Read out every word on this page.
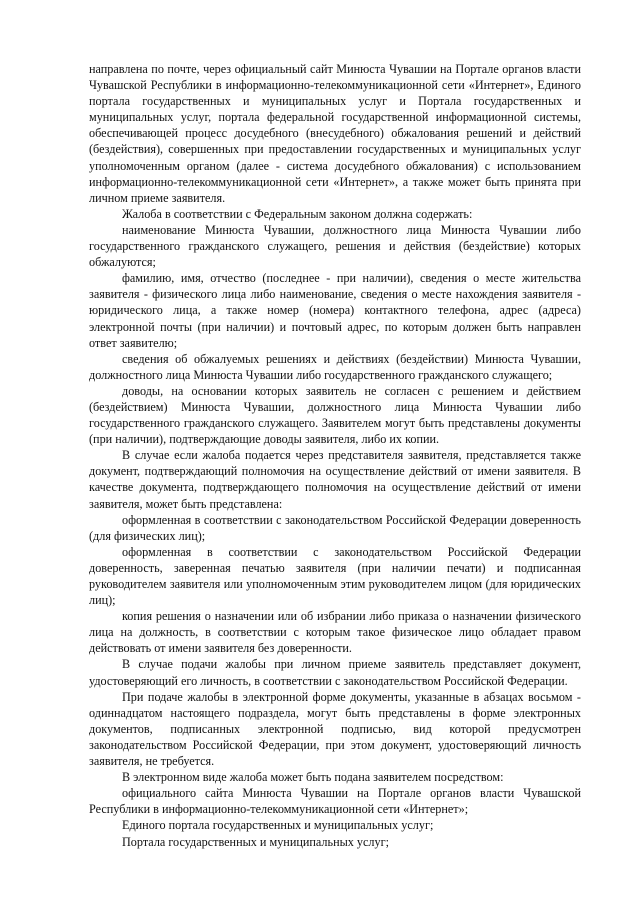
направлена по почте, через официальный сайт Минюста Чувашии на Портале органов власти Чувашской Республики в информационно-телекоммуникационной сети «Интернет», Единого портала государственных и муниципальных услуг и Портала государственных и муниципальных услуг, портала федеральной государственной информационной системы, обеспечивающей процесс досудебного (внесудебного) обжалования решений и действий (бездействия), совершенных при предоставлении государственных и муниципальных услуг уполномоченным органом (далее - система досудебного обжалования) с использованием информационно-телекоммуникационной сети «Интернет», а также может быть принята при личном приеме заявителя.

Жалоба в соответствии с Федеральным законом должна содержать:

наименование Минюста Чувашии, должностного лица Минюста Чувашии либо государственного гражданского служащего, решения и действия (бездействие) которых обжалуются;

фамилию, имя, отчество (последнее - при наличии), сведения о месте жительства заявителя - физического лица либо наименование, сведения о месте нахождения заявителя - юридического лица, а также номер (номера) контактного телефона, адрес (адреса) электронной почты (при наличии) и почтовый адрес, по которым должен быть направлен ответ заявителю;

сведения об обжалуемых решениях и действиях (бездействии) Минюста Чувашии, должностного лица Минюста Чувашии либо государственного гражданского служащего;

доводы, на основании которых заявитель не согласен с решением и действием (бездействием) Минюста Чувашии, должностного лица Минюста Чувашии либо государственного гражданского служащего. Заявителем могут быть представлены документы (при наличии), подтверждающие доводы заявителя, либо их копии.

В случае если жалоба подается через представителя заявителя, представляется также документ, подтверждающий полномочия на осуществление действий от имени заявителя. В качестве документа, подтверждающего полномочия на осуществление действий от имени заявителя, может быть представлена:

оформленная в соответствии с законодательством Российской Федерации доверенность (для физических лиц);

оформленная в соответствии с законодательством Российской Федерации доверенность, заверенная печатью заявителя (при наличии печати) и подписанная руководителем заявителя или уполномоченным этим руководителем лицом (для юридических лиц);

копия решения о назначении или об избрании либо приказа о назначении физического лица на должность, в соответствии с которым такое физическое лицо обладает правом действовать от имени заявителя без доверенности.

В случае подачи жалобы при личном приеме заявитель представляет документ, удостоверяющий его личность, в соответствии с законодательством Российской Федерации.

При подаче жалобы в электронной форме документы, указанные в абзацах восьмом - одиннадцатом настоящего подраздела, могут быть представлены в форме электронных документов, подписанных электронной подписью, вид которой предусмотрен законодательством Российской Федерации, при этом документ, удостоверяющий личность заявителя, не требуется.

В электронном виде жалоба может быть подана заявителем посредством:

официального сайта Минюста Чувашии на Портале органов власти Чувашской Республики в информационно-телекоммуникационной сети «Интернет»;

Единого портала государственных и муниципальных услуг;

Портала государственных и муниципальных услуг;
